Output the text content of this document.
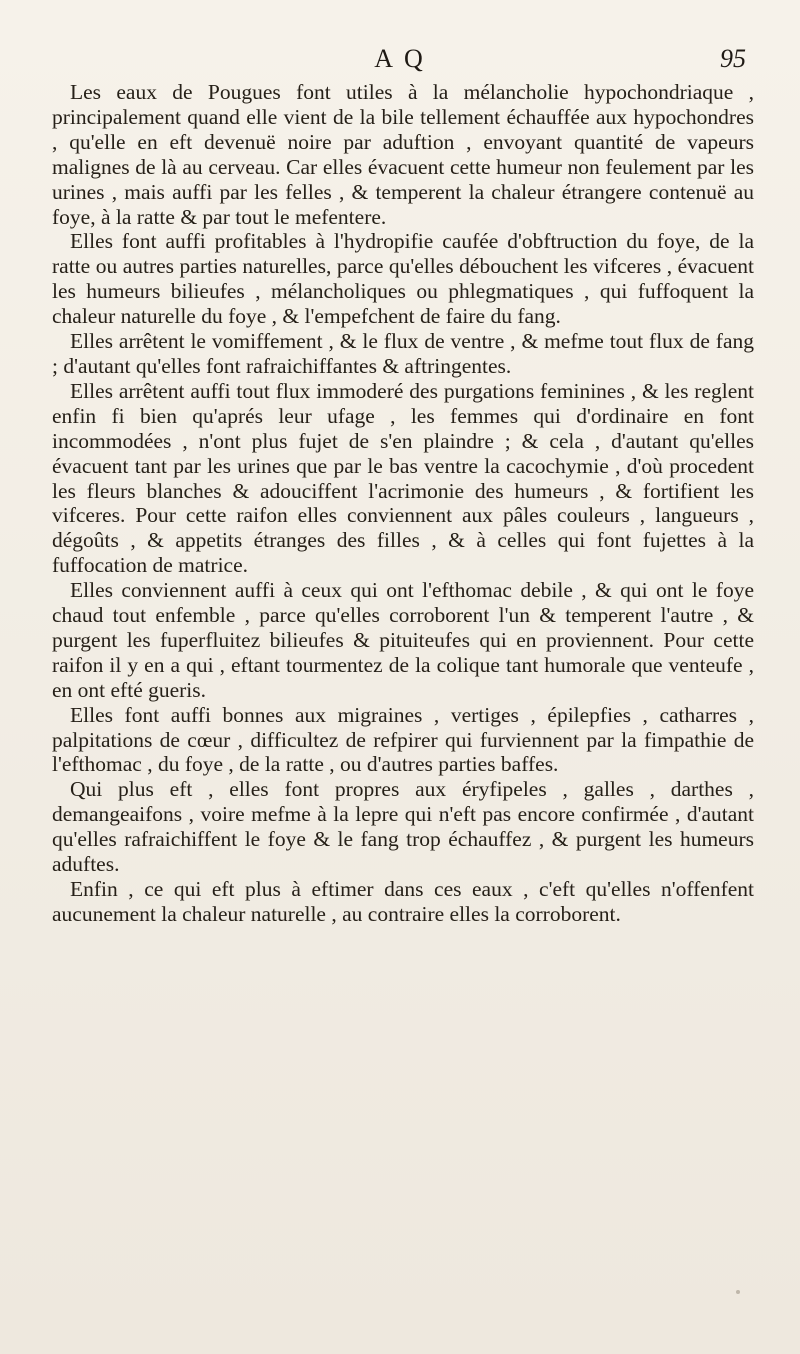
A Q	95

Les eaux de Pougues font utiles à la mélancholie hypochondriaque , principalement quand elle vient de la bile tellement échauffée aux hypochondres , qu'elle en eft devenuë noire par aduftion , envoyant quantité de vapeurs malignes de là au cerveau. Car elles évacuent cette humeur non feulement par les urines , mais auffi par les felles , & temperent la chaleur étrangere contenuë au foye, à la ratte & par tout le mefentere.

Elles font auffi profitables à l'hydropifie caufée d'obftruction du foye, de la ratte ou autres parties naturelles, parce qu'elles débouchent les vifceres , évacuent les humeurs bilieufes , mélancholiques ou phlegmatiques , qui fuffoquent la chaleur naturelle du foye , & l'empefchent de faire du fang.

Elles arrêtent le vomiffement , & le flux de ventre , & mefme tout flux de fang ; d'autant qu'elles font rafraichiffantes & aftringentes.

Elles arrêtent auffi tout flux immoderé des purgations feminines , & les reglent enfin fi bien qu'aprés leur ufage , les femmes qui d'ordinaire en font incommodées , n'ont plus fujet de s'en plaindre ; & cela , d'autant qu'elles évacuent tant par les urines que par le bas ventre la cacochymie , d'où procedent les fleurs blanches & adouciffent l'acrimonie des humeurs , & fortifient les vifceres. Pour cette raifon elles conviennent aux pâles couleurs , langueurs , dégoûts , & appetits étranges des filles , & à celles qui font fujettes à la fuffocation de matrice.

Elles conviennent auffi à ceux qui ont l'efthomac debile , & qui ont le foye chaud tout enfemble , parce qu'elles corroborent l'un & temperent l'autre , & purgent les fuperfluitez bilieufes & pituiteufes qui en proviennent. Pour cette raifon il y en a qui , eftant tourmentez de la colique tant humorale que venteufe , en ont efté gueris.

Elles font auffi bonnes aux migraines , vertiges , épilepfies , catharres , palpitations de cœur , difficultez de refpirer qui furviennent par la fimpathie de l'efthomac , du foye , de la ratte , ou d'autres parties baffes.

Qui plus eft , elles font propres aux éryfipeles , galles , darthes , demangeaifons , voire mefme à la lepre qui n'eft pas encore confirmée , d'autant qu'elles rafraichiffent le foye & le fang trop échauffez , & purgent les humeurs aduftes.

Enfin , ce qui eft plus à eftimer dans ces eaux , c'eft qu'elles n'offenfent aucunement la chaleur naturelle , au contraire elles la corroborent.
